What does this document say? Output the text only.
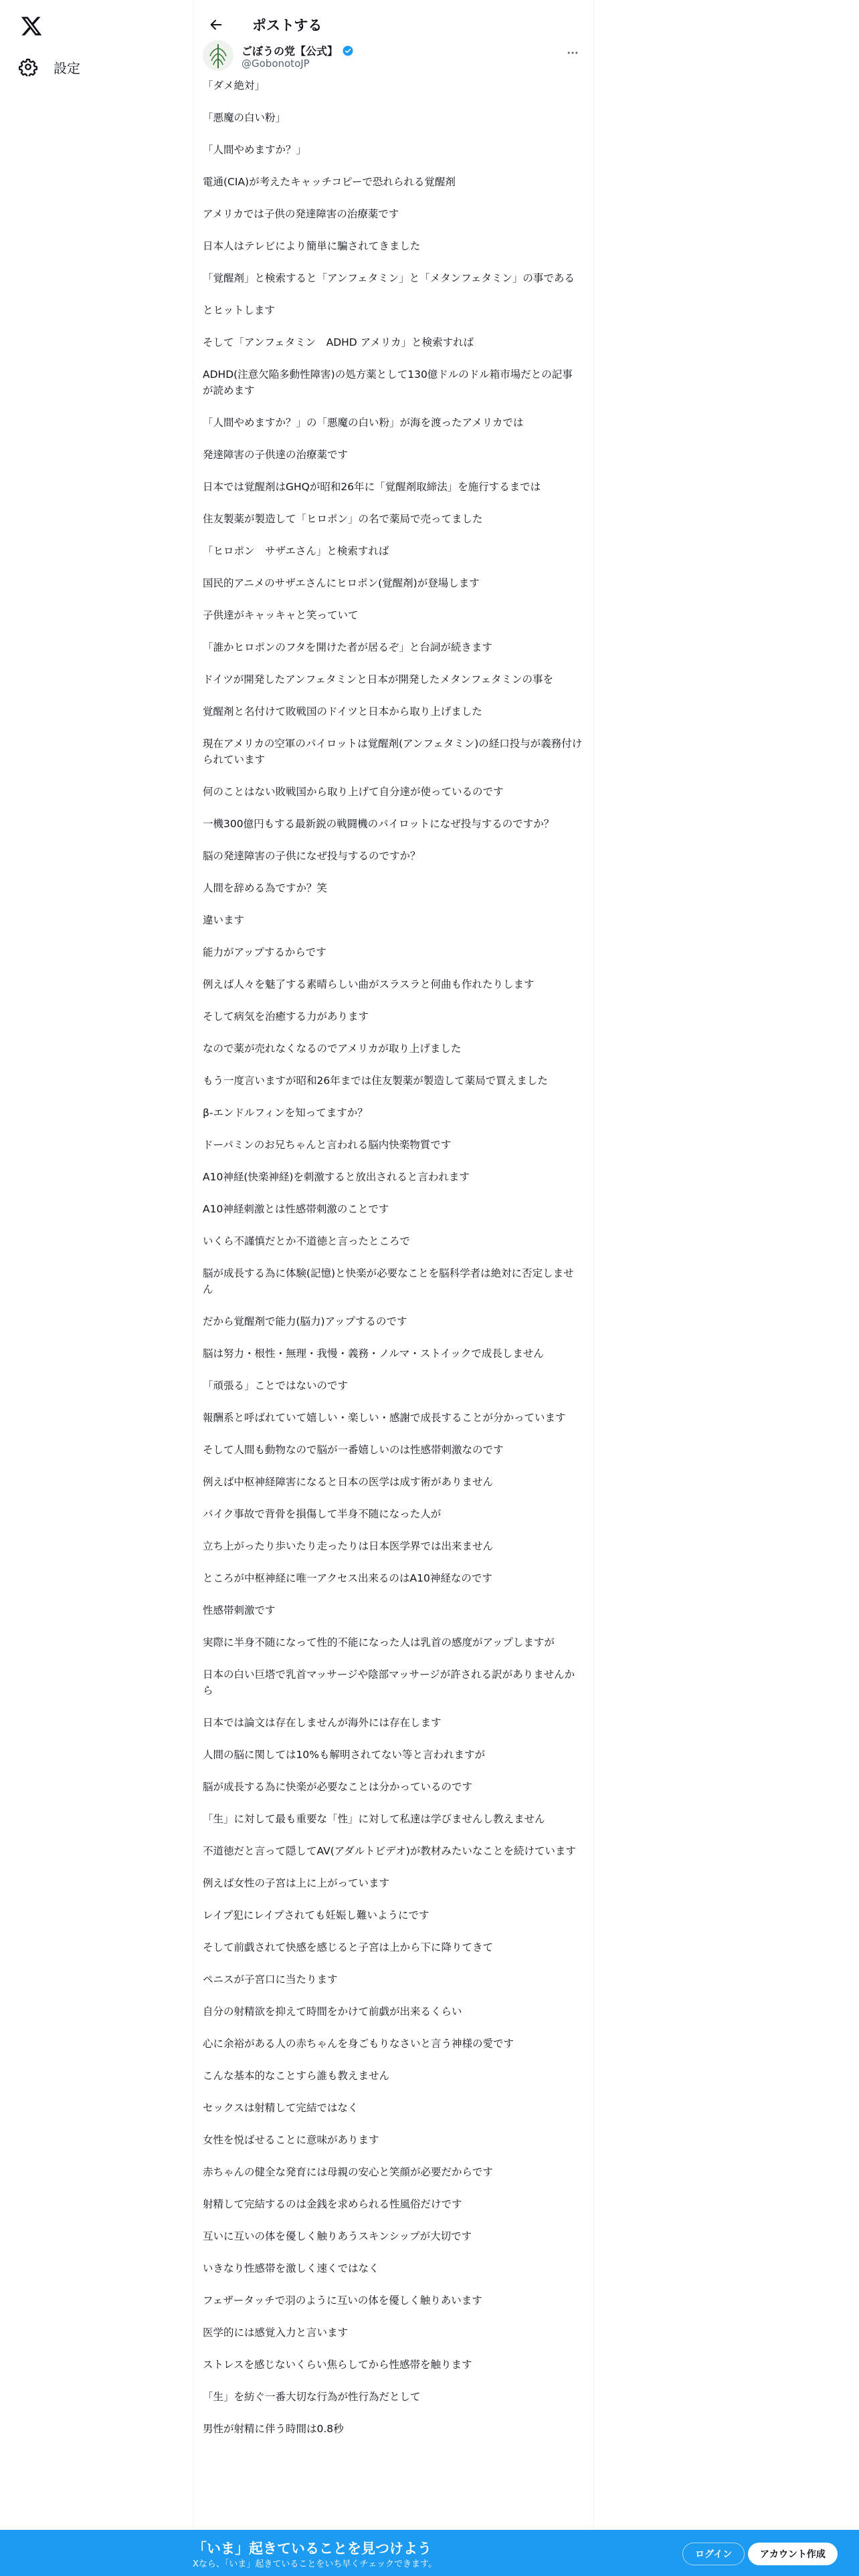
設定
ポストする
ごぼうの党【公式】
@GobonotoJP
「ダメ絶対」
「悪魔の白い粉」
「人間やめますか？」
電通(CIA)が考えたキャッチコピーで恐れられる覚醒剤
アメリカでは子供の発達障害の治療薬です
日本人はテレビにより簡単に騙されてきました
「覚醒剤」と検索すると「アンフェタミン」と「メタンフェタミン」の事である
とヒットします
そして「アンフェタミン　ADHD アメリカ」と検索すれば
ADHD(注意欠陥多動性障害)の処方薬として130億ドルのドル箱市場だとの記事が読めます
「人間やめますか？」の「悪魔の白い粉」が海を渡ったアメリカでは
発達障害の子供達の治療薬です
日本では覚醒剤はGHQが昭和26年に「覚醒剤取締法」を施行するまでは
住友製薬が製造して「ヒロポン」の名で薬局で売ってました
「ヒロポン　サザエさん」と検索すれば
国民的アニメのサザエさんにヒロポン(覚醒剤)が登場します
子供達がキャッキャと笑っていて
「誰かヒロポンのフタを開けた者が居るぞ」と台詞が続きます
ドイツが開発したアンフェタミンと日本が開発したメタンフェタミンの事を
覚醒剤と名付けて敗戦国のドイツと日本から取り上げました
現在アメリカの空軍のパイロットは覚醒剤(アンフェタミン)の経口投与が義務付けられています
何のことはない敗戦国から取り上げて自分達が使っているのです
一機300億円もする最新鋭の戦闘機のパイロットになぜ投与するのですか？
脳の発達障害の子供になぜ投与するのですか？
人間を辞める為ですか？笑
違います
能力がアップするからです
例えば人々を魅了する素晴らしい曲がスラスラと何曲も作れたりします
そして病気を治癒する力があります
なので薬が売れなくなるのでアメリカが取り上げました
もう一度言いますが昭和26年までは住友製薬が製造して薬局で買えました
β-エンドルフィンを知ってますか？
ドーパミンのお兄ちゃんと言われる脳内快楽物質です
A10神経(快楽神経)を刺激すると放出されると言われます
A10神経刺激とは性感帯刺激のことです
いくら不謹慎だとか不道徳と言ったところで
脳が成長する為に体験(記憶)と快楽が必要なことを脳科学者は絶対に否定しません
だから覚醒剤で能力(脳力)アップするのです
脳は努力・根性・無理・我慢・義務・ノルマ・ストイックで成長しません
「頑張る」ことではないのです
報酬系と呼ばれていて嬉しい・楽しい・感謝で成長することが分かっています
そして人間も動物なので脳が一番嬉しいのは性感帯刺激なのです
例えば中枢神経障害になると日本の医学は成す術がありません
バイク事故で背骨を損傷して半身不随になった人が
立ち上がったり歩いたり走ったりは日本医学界では出来ません
ところが中枢神経に唯一アクセス出来るのはA10神経なのです
性感帯刺激です
実際に半身不随になって性的不能になった人は乳首の感度がアップしますが
日本の白い巨塔で乳首マッサージや陰部マッサージが許される訳がありませんから
日本では論文は存在しませんが海外には存在します
人間の脳に関しては10%も解明されてない等と言われますが
脳が成長する為に快楽が必要なことは分かっているのです
「生」に対して最も重要な「性」に対して私達は学びませんし教えません
不道徳だと言って隠してAV(アダルトビデオ)が教材みたいなことを続けています
例えば女性の子宮は上に上がっています
レイプ犯にレイプされても妊娠し難いようにです
そして前戯されて快感を感じると子宮は上から下に降りてきて
ペニスが子宮口に当たります
自分の射精欲を抑えて時間をかけて前戯が出来るくらい
心に余裕がある人の赤ちゃんを身ごもりなさいと言う神様の愛です
こんな基本的なことすら誰も教えません
セックスは射精して完結ではなく
女性を悦ばせることに意味があります
赤ちゃんの健全な発育には母親の安心と笑顔が必要だからです
射精して完結するのは金銭を求められる性風俗だけです
互いに互いの体を優しく触りあうスキンシップが大切です
いきなり性感帯を激しく速くではなく
フェザータッチで羽のように互いの体を優しく触りあいます
医学的には感覚入力と言います
ストレスを感じないくらい焦らしてから性感帯を触ります
「生」を紡ぐ一番大切な行為が性行為だとして
男性が射精に伴う時間は0.8秒
「いま」起きていることを見つけよう
Xなら、「いま」起きていることをいち早くチェックできます。
ログイン	アカウント作成
